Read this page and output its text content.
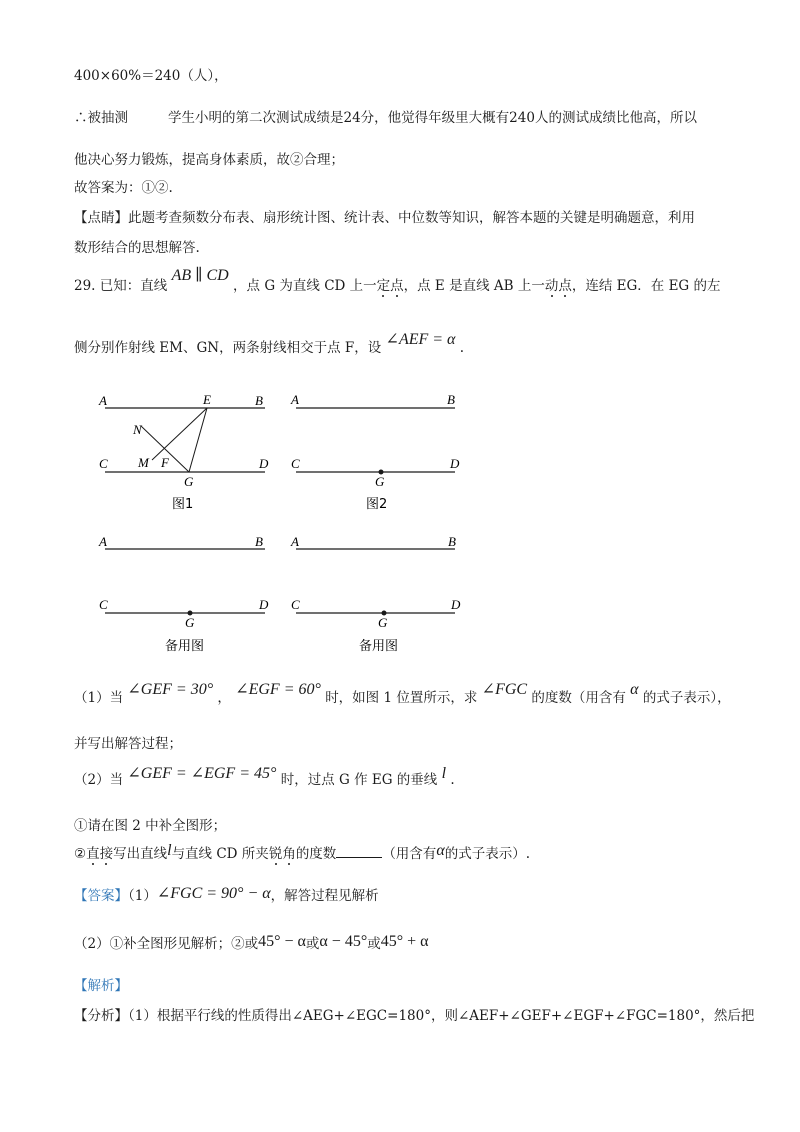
400×60%＝240（人），
∴被抽测	学生小明的第二次测试成绩是24分，他觉得年级里大概有240人的测试成绩比他高，所以
他决心努力锻炼，提高身体素质，故②合理；
故答案为：①②.
【点睛】此题考查频数分布表、扇形统计图、统计表、中位数等知识，解答本题的关键是明确题意，利用
数形结合的思想解答.
29. 已知：直线 AB ∥ CD ，点 G 为直线 CD 上一定点，点 E 是直线 AB 上一动点，连结 EG．在 EG 的左
侧分别作射线 EM、GN，两条射线相交于点 F，设 ∠AEF = α .
A	B
E
N
M F
C	D
G
图1
A	B
C	D
G
图2
A	B
C	D
G
备用图
A	B
C	D
G
备用图
（1）当 ∠GEF = 30° ， ∠EGF = 60° 时，如图 1 位置所示，求 ∠FGC 的度数（用含有 α 的式子表示），
并写出解答过程；
（2）当 ∠GEF = ∠EGF = 45° 时，过点 G 作 EG 的垂线 l .
①请在图 2 中补全图形；
②直接写出直线l与直线 CD 所夹锐角的度数	（用含有α的式子表示）.
【答案】（1）∠FGC = 90° − α，解答过程见解析
（2）①补全图形见解析；②或45° − α或α − 45°或45° + α
【解析】
【分析】（1）根据平行线的性质得出∠AEG+∠EGC=180°，则∠AEF+∠GEF+∠EGF+∠FGC=180°，然后把
